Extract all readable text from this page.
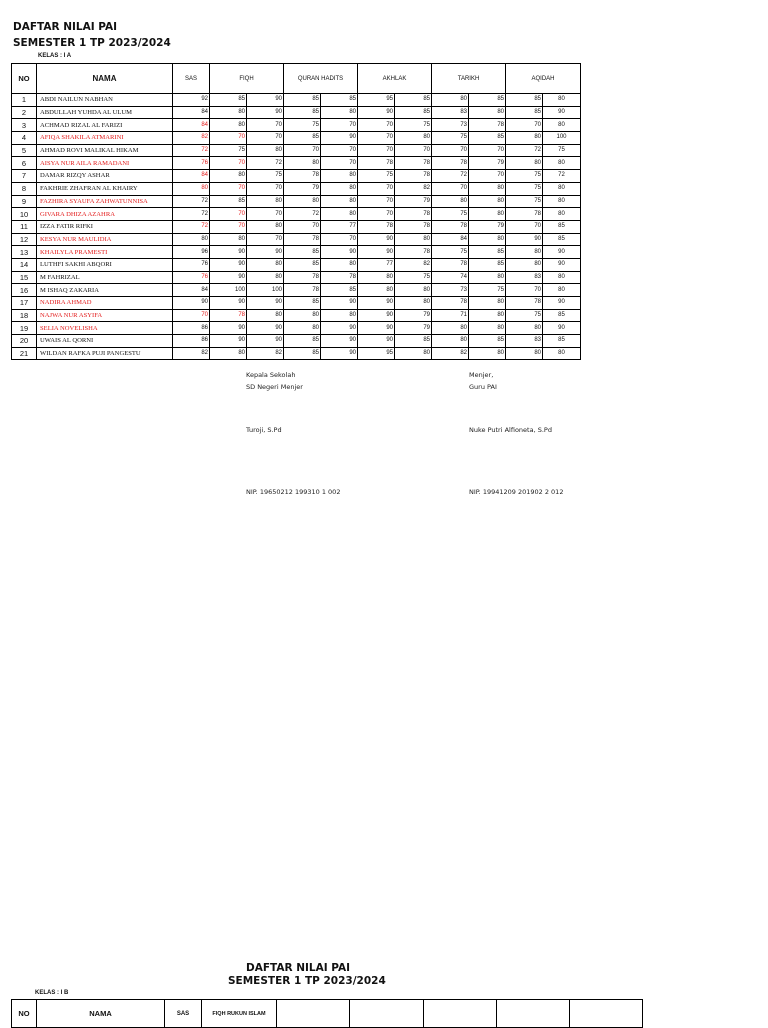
DAFTAR NILAI PAI
SEMESTER 1 TP 2023/2024
KELAS : I A
NO	NAMA	SAS	FIQH		QURAN HADITS		AKHLAK		TARIKH		AQIDAH	
1	ABDI NAILUN NABHAN	92	85	90	85	85	95	85	80	85	85	80
2	ABDULLAH YUHDA AL ULUM	84	80	90	85	80	90	85	83	80	85	90
3	ACHMAD RIZAL AL FARIZI	84	80	70	75	70	70	75	73	78	70	80
4	AFIQA SHAKILA ATMARINI	82	70	70	85	90	70	80	75	85	80	100
5	AHMAD ROVI MALIKAL HIKAM	72	75	80	70	70	70	70	70	70	72	75
6	AISYA NUR AILA RAMADANI	76	70	72	80	70	78	78	78	79	80	80
7	DAMAR RIZQY ASHAR	84	80	75	78	80	75	78	72	70	75	72
8	FAKHRIE ZHAFRAN AL KHAIRY	80	70	70	79	80	70	82	70	80	75	80
9	FAZHIRA SYAUFA ZAHWATUNNISA	72	85	80	80	80	70	79	80	80	75	80
10	GIVARA DHIZA AZAHRA	72	70	70	72	80	70	78	75	80	78	80
11	IZZA FATIR RIFKI	72	70	80	70	77	78	78	78	79	70	85
12	KESYA NUR MAULIDIA	80	80	70	78	70	90	80	84	80	90	85
13	KHAILYLA PRAMESTI	96	90	90	85	90	90	78	75	85	80	90
14	LUTHFI SAKHI ABQORI	76	90	80	85	80	77	82	78	85	80	90
15	M FAHRIZAL	76	90	80	78	78	80	75	74	80	83	80
16	M ISHAQ ZAKARIA	84	100	100	78	85	80	80	73	75	70	80
17	NADIRA AHMAD	90	90	90	85	90	90	80	78	80	78	90
18	NAJWA NUR ASYIFA	70	78	80	80	80	90	79	71	80	75	85
19	SELIA NOVELISHA	86	90	90	80	90	90	79	80	80	80	90
20	UWAIS AL QORNI	86	90	90	85	90	90	85	80	85	83	85
21	WILDAN RAFKA PUJI PANGESTU	82	80	82	85	90	95	80	82	80	80	80
Kepala Sekolah
SD Negeri Menjer
Turoji, S.Pd
NIP. 19650212 199310 1 002
Menjer,
Guru PAI
Nuke Putri Alfioneta, S.Pd
NIP. 19941209 201902 2 012
DAFTAR NILAI PAI
SEMESTER 1 TP 2023/2024
KELAS : I B
NO	NAMA	SAS	FIQH RUKUN ISLAM					
